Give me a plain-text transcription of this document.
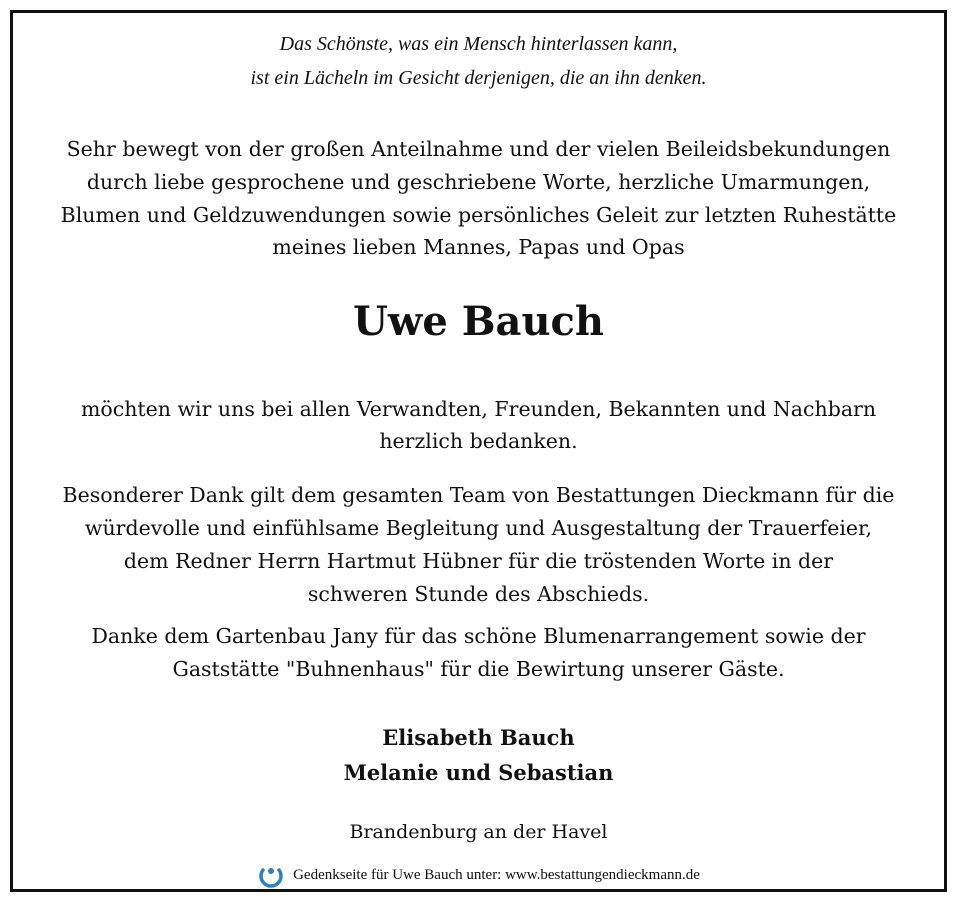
Das Schönste, was ein Mensch hinterlassen kann,
ist ein Lächeln im Gesicht derjenigen, die an ihn denken.
Sehr bewegt von der großen Anteilnahme und der vielen Beileidsbekundungen
durch liebe gesprochene und geschriebene Worte, herzliche Umarmungen,
Blumen und Geldzuwendungen sowie persönliches Geleit zur letzten Ruhestätte
meines lieben Mannes, Papas und Opas
Uwe Bauch
möchten wir uns bei allen Verwandten, Freunden, Bekannten und Nachbarn
herzlich bedanken.
Besonderer Dank gilt dem gesamten Team von Bestattungen Dieckmann für die
würdevolle und einfühlsame Begleitung und Ausgestaltung der Trauerfeier,
dem Redner Herrn Hartmut Hübner für die tröstenden Worte in der
schweren Stunde des Abschieds.
Danke dem Gartenbau Jany für das schöne Blumenarrangement sowie der
Gaststätte "Buhnenhaus" für die Bewirtung unserer Gäste.
Elisabeth Bauch
Melanie und Sebastian
Brandenburg an der Havel
Gedenkseite für Uwe Bauch unter: www.bestattungendieckmann.de
